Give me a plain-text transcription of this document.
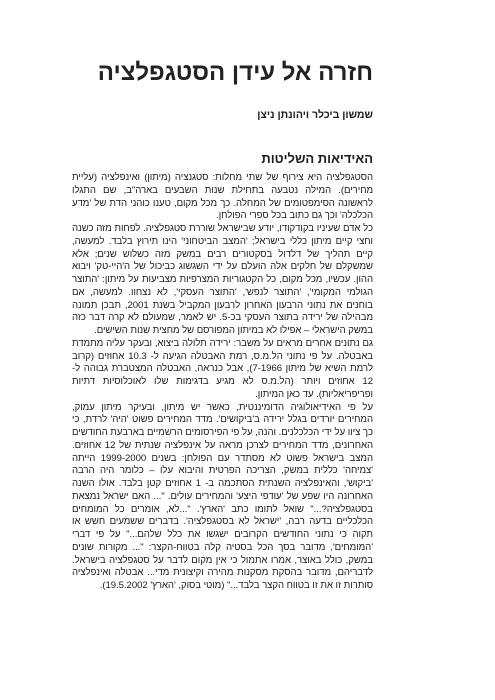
חזרה אל עידן הסטגפלציה
שמשון ביכלר ויהונתן ניצן
האידיאות השליטות

הסטגפלציה היא צירוף של שתי מחלות: סטגנציה (מיתון) ואינפלציה (עליית מחירים). המילה נטבעה בתחילת שנות השבעים בארה"ב, שם התגלו לראשונה הסימפטומים של המחלה. כך מכל מקום, טענו כוהני הדת של 'מדע הכלכלה' וכך גם כתוב בכל ספרי הפולחן.

כל אדם שעיניו בקודקודו, יודע שבישראל שוררת סטגפלציה. לפחות מזה כשנה וחצי קיים מיתון כללי בישראל; 'המצב הביטחוני' הינו תירוץ בלבד. למעשה, קיים תהליך של דלדול בסקטורים רבים במשק מזה כשלוש שנים; אלא שמשקלם של חלקים אלה הועלם על ידי השגשוג כביכול של ה'היי-טק' ויבוא ההון. עכשיו, מכל מקום, כל הקטגוריות המצרפיות מצביעות על מיתון: 'התוצר הגולמי המקומי', 'התוצר לנפש', 'התוצר העסקי', לא נצחוו. למעשה, אם בוחנים את נתוני הרבעון האחרון לרבעון המקביל בשנת 2001, תבכן תמונה מבהילה של ירידה בתוצר העסקי בכ-5. יש לאמר, שמעולם לא קרה דבר כזה במשק הישראלי – אפילו לא במיתון המפורסם של מחצית שנות השישים.

גם נתונים אחרים מראים על משבר: ירידה תלולה ביצוא, ובעקר עליה מתמדת באבטלה. על פי נתוני הל.מ.ס, רמת האבטלה הגיעה ל- 10.3 אחוזים (קרוב לרמת השיא של מיתון 7-1966), אבל כנראה, האבטלה המצטברת גבוהה ל- 12 אחוזים ויותר (הל.מ.ס לא מגיע בדגימות שלו לאוכלוסיות דתיות ופריפריאליות). עד כאן המיתון.

על פי האידיאולוגיה הדומיננטית, כאשר יש מיתון, ובעיקר מיתון עמוק, המחירים יורדים בגלל ירידה ב'ביקושים'. מדד המחירים פשוט 'היה' לרדת, כי כך ציוו על ידי הכלכלנים. והנה, על פי הפירסומים הרשמיים בארבעת החודשים האחרונים, מדד המחירים לצרכן מראה על אינפלציה שנתית של 12 אחוזים. המצב בישראל פשוט לא מסתדר עם הפולחן: בשנים 1999-2000 הייתה 'צמיחה' כללית במשק, הצריכה הפרטית והיבוא עלו – כלומר היה הרבה 'ביקוש', והאינפלציה השנתית הסתכמה ב- 1 אחוזים קטן בלבד. אולו השנה האחרונה היו שפע של 'עודפי היצע' והמחירים עולים. "... האם ישראל נמצאת בסטגפלציה?..." שואל לתומו כתב 'הארץ'. "...לא, אומרים כל המומחים הכלכליים בדעה רבה, 'ישראל לא בסטגפלציה'. בדברים ששמעים חשש או תקוה כי נתוני החודשים הקרובים ישגשו את כלל שלהם..." על פי דברי 'המומחים', מדובר בסך הכל בסטיה קלה בטווח-הקצר: "... מקורות שונים במשק, כולל באוצר, אמרו אתמול כי אין מקום לדבר על סטגפלציה בישראל. לדבריהם, מדובר בהסקת מסקנות מהירה וקיצונית מדי... אבטלה ואינפלציה סותרות זו את זו בטווח הקצר בלבד..." (מוטי בסוק, 'הארץ' 19.5.2002).
